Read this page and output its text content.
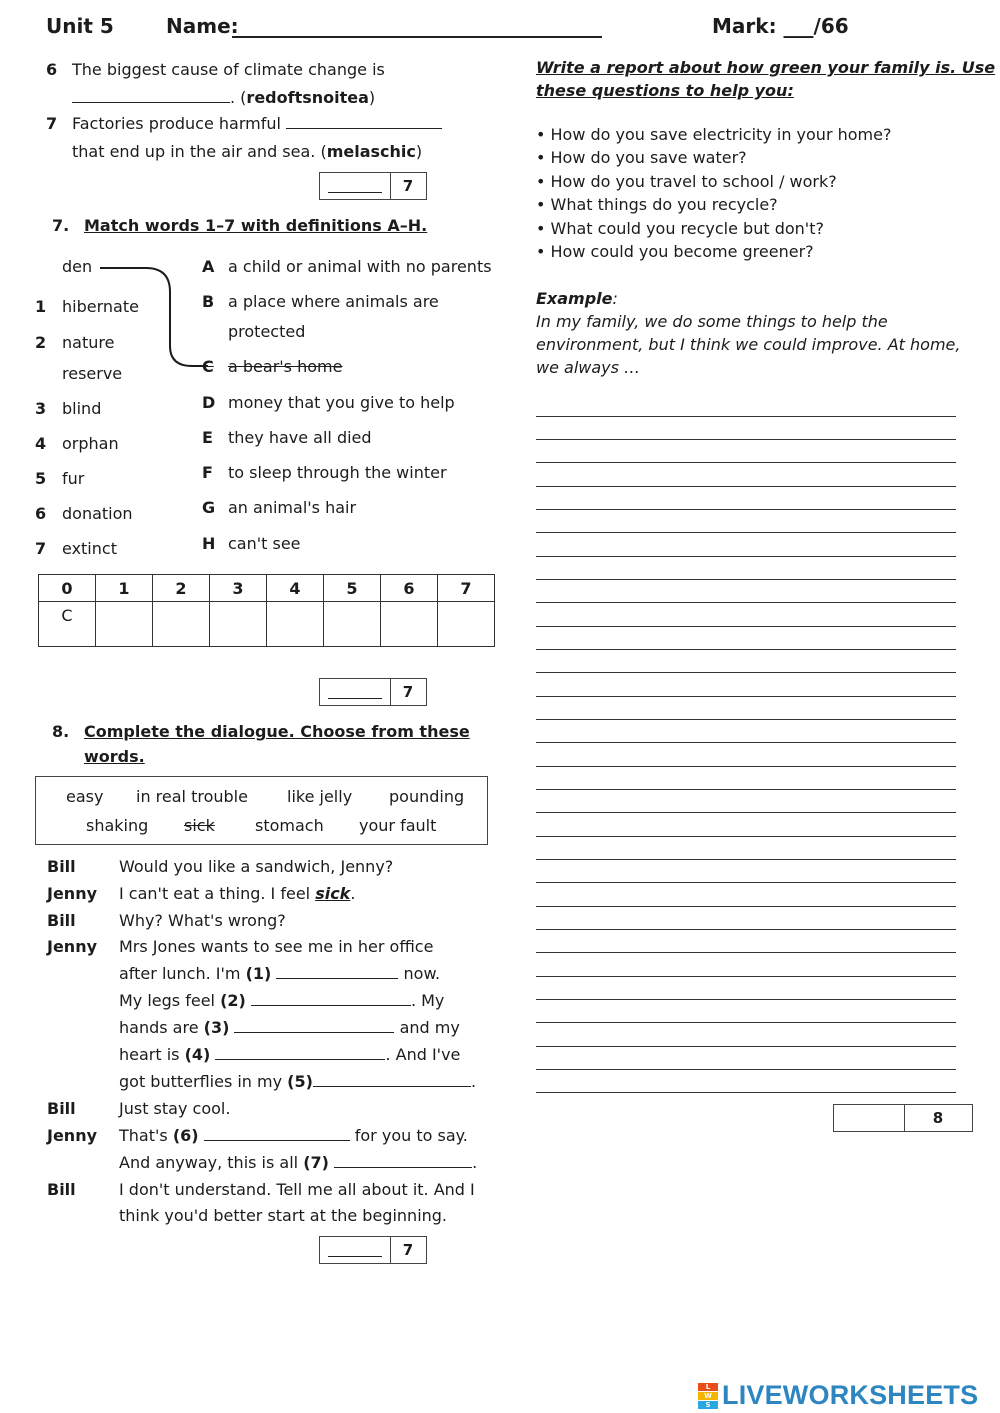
Unit 5	Name:	Mark: ___/66
6 The biggest cause of climate change is
. (redoftsnoitea)
7 Factories produce harmful
that end up in the air and sea. (melaschic)
7
7. Match words 1–7 with definitions A–H.
den
1 hibernate
2 nature
reserve
3 blind
4 orphan
5 fur
6 donation
7 extinct
A a child or animal with no parents
B a place where animals are
protected
C a bear's home
D money that you give to help
E they have all died
F to sleep through the winter
G an animal's hair
H can't see
0	1	2	3	4	5	6	7
C							
7
8. Complete the dialogue. Choose from these
words.
easy in real trouble like jelly pounding
shaking sick	stomach your fault
Bill	Would you like a sandwich, Jenny?
Jenny I can't eat a thing. I feel sick.
Bill	Why? What's wrong?
Jenny Mrs Jones wants to see me in her office
after lunch. I'm (1)	now.
My legs feel (2)	. My
hands are (3)	and my
heart is (4)	. And I've
got butterflies in my (5)	.
Bill	Just stay cool.
Jenny That's (6)	for you to say.
And anyway, this is all (7)	.
Bill	I don't understand. Tell me all about it. And I
think you'd better start at the beginning.
7
Write a report about how green your family is. Use
these questions to help you:
• How do you save electricity in your home?
• How do you save water?
• How do you travel to school / work?
• What things do you recycle?
• What could you recycle but don't?
• How could you become greener?
Example:
In my family, we do some things to help the
environment, but I think we could improve. At home,
we always …
8
L
W
S LIVEWORKSHEETS
